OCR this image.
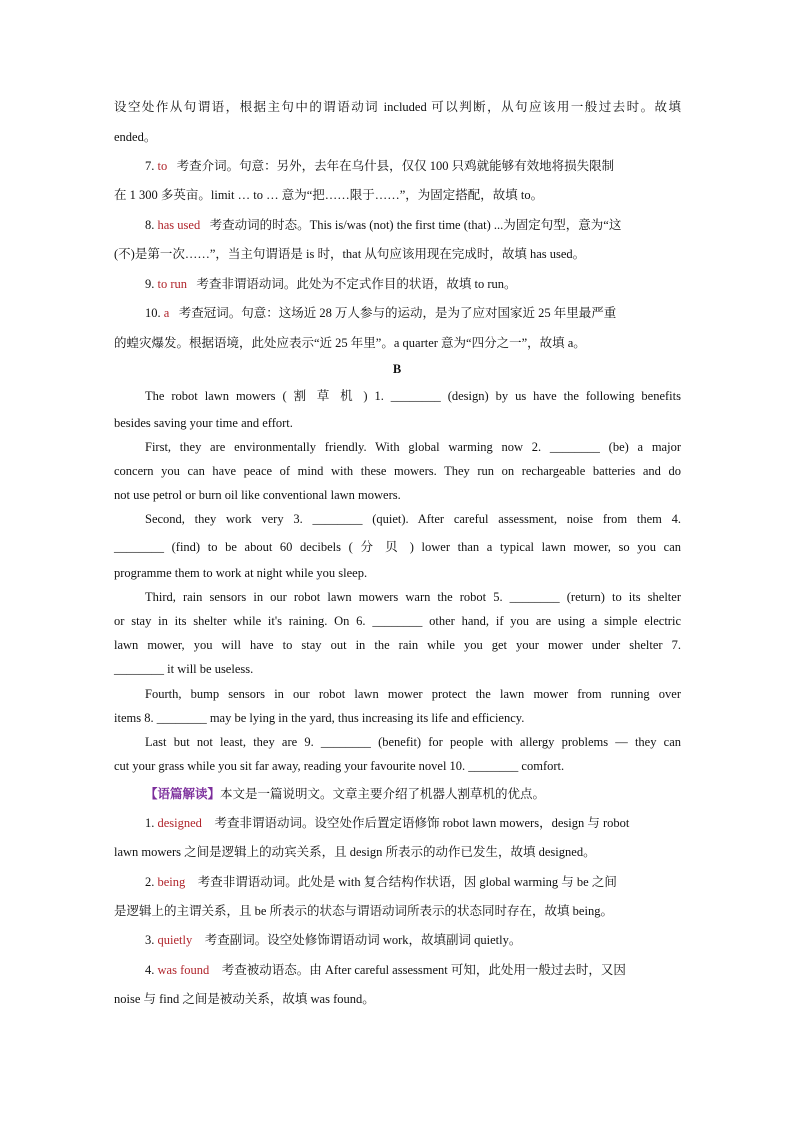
设空处作从句谓语，根据主句中的谓语动词 included 可以判断，从句应该用一般过去时。故填
ended。
7. to 考查介词。句意：另外，去年在乌什县，仅仅 100 只鸡就能够有效地将损失限制
在 1 300 多英亩。limit … to … 意为“把……限于……”，为固定搭配，故填 to。
8. has used 考查动词的时态。This is/was (not) the first time (that) ...为固定句型，意为“这
(不)是第一次……”，当主句谓语是 is 时，that 从句应该用现在完成时，故填 has used。
9. to run 考查非谓语动词。此处为不定式作目的状语，故填 to run。
10. a 考查冠词。句意：这场近 28 万人参与的运动，是为了应对国家近 25 年里最严重
的蝗灾爆发。根据语境，此处应表示“近 25 年里”。a quarter 意为“四分之一”，故填 a。
B
The robot lawn mowers ( 割 草 机 ) 1. ________ (design) by us have the following benefits
besides saving your time and effort.
First, they are environmentally friendly. With global warming now 2. ________ (be) a major
concern you can have peace of mind with these mowers. They run on rechargeable batteries and do
not use petrol or burn oil like conventional lawn mowers.
Second, they work very 3. ________ (quiet). After careful assessment, noise from them 4.
________ (find) to be about 60 decibels ( 分 贝 ) lower than a typical lawn mower, so you can
programme them to work at night while you sleep.
Third, rain sensors in our robot lawn mowers warn the robot 5. ________ (return) to its shelter
or stay in its shelter while it's raining. On 6. ________ other hand, if you are using a simple electric
lawn mower, you will have to stay out in the rain while you get your mower under shelter 7.
________ it will be useless.
Fourth, bump sensors in our robot lawn mower protect the lawn mower from running over
items 8. ________ may be lying in the yard, thus increasing its life and efficiency.
Last but not least, they are 9. ________ (benefit) for people with allergy problems — they can
cut your grass while you sit far away, reading your favourite novel 10. ________ comfort.
【语篇解读】本文是一篇说明文。文章主要介绍了机器人割草机的优点。
1. designed 考查非谓语动词。设空处作后置定语修饰 robot lawn mowers，design 与 robot
lawn mowers 之间是逻辑上的动宾关系，且 design 所表示的动作已发生，故填 designed。
2. being 考查非谓语动词。此处是 with 复合结构作状语，因 global warming 与 be 之间
是逻辑上的主谓关系，且 be 所表示的状态与谓语动词所表示的状态同时存在，故填 being。
3. quietly 考查副词。设空处修饰谓语动词 work，故填副词 quietly。
4. was found 考查被动语态。由 After careful assessment 可知，此处用一般过去时，又因
noise 与 find 之间是被动关系，故填 was found。
